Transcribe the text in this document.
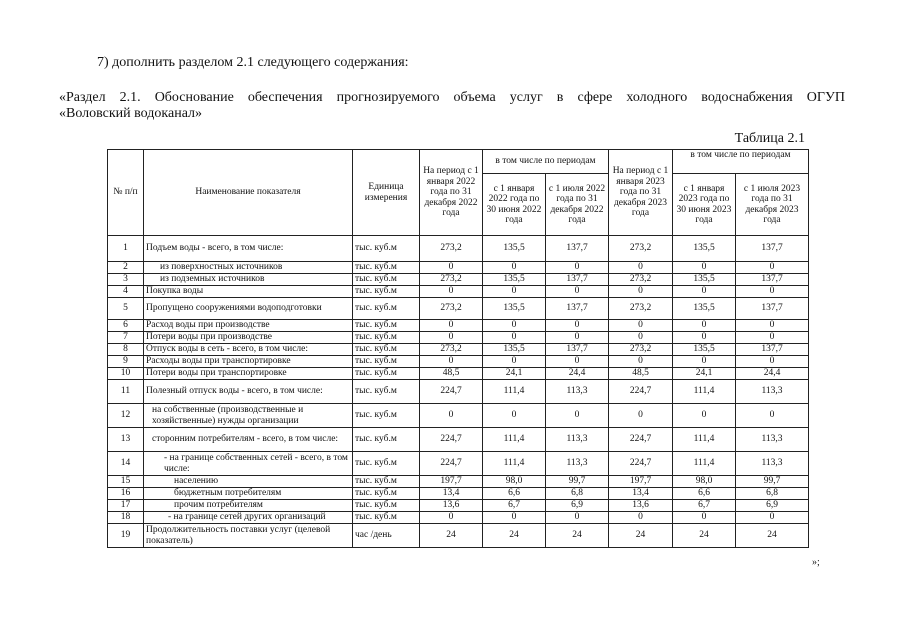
7) дополнить разделом 2.1 следующего содержания:
«Раздел 2.1. Обоснование обеспечения прогнозируемого объема услуг в сфере холодного водоснабжения ОГУП
«Воловский водоканал»
Таблица 2.1
№ п/п	Наименование показателя	Единица измерения	На период с 1 января 2022 года по 31 декабря 2022 года	в том числе по периодам		На период с 1 января 2023 года по 31 декабря 2023 года	в том числе по периодам	
				с 1 января 2022 года по 30 июня 2022 года	с 1 июля 2022 года по 31 декабря 2022 года		с 1 января 2023 года по 30 июня 2023 года	с 1 июля 2023 года по 31 декабря 2023 года
1	Подъем воды - всего, в том числе:	тыс. куб.м	273,2	135,5	137,7	273,2	135,5	137,7
2	из поверхностных источников	тыс. куб.м	0	0	0	0	0	0
3	из подземных источников	тыс. куб.м	273,2	135,5	137,7	273,2	135,5	137,7
4	Покупка воды	тыс. куб.м	0	0	0	0	0	0
5	Пропущено сооружениями водоподготовки	тыс. куб.м	273,2	135,5	137,7	273,2	135,5	137,7
6	Расход воды при производстве	тыс. куб.м	0	0	0	0	0	0
7	Потери воды при производстве	тыс. куб.м	0	0	0	0	0	0
8	Отпуск воды в сеть - всего, в том числе:	тыс. куб.м	273,2	135,5	137,7	273,2	135,5	137,7
9	Расходы воды при транспортировке	тыс. куб.м	0	0	0	0	0	0
10	Потери воды при транспортировке	тыс. куб.м	48,5	24,1	24,4	48,5	24,1	24,4
11	Полезный отпуск воды - всего, в том числе:	тыс. куб.м	224,7	111,4	113,3	224,7	111,4	113,3
12	на собственные (производственные и хозяйственные) нужды организации	тыс. куб.м	0	0	0	0	0	0
13	сторонним потребителям - всего, в том числе:	тыс. куб.м	224,7	111,4	113,3	224,7	111,4	113,3
14	- на границе собственных сетей - всего, в том числе:	тыс. куб.м	224,7	111,4	113,3	224,7	111,4	113,3
15	населению	тыс. куб.м	197,7	98,0	99,7	197,7	98,0	99,7
16	бюджетным потребителям	тыс. куб.м	13,4	6,6	6,8	13,4	6,6	6,8
17	прочим потребителям	тыс. куб.м	13,6	6,7	6,9	13,6	6,7	6,9
18	- на границе сетей других организаций	тыс. куб.м	0	0	0	0	0	0
19	Продолжительность поставки услуг (целевой показатель)	час /день	24	24	24	24	24	24
»;
